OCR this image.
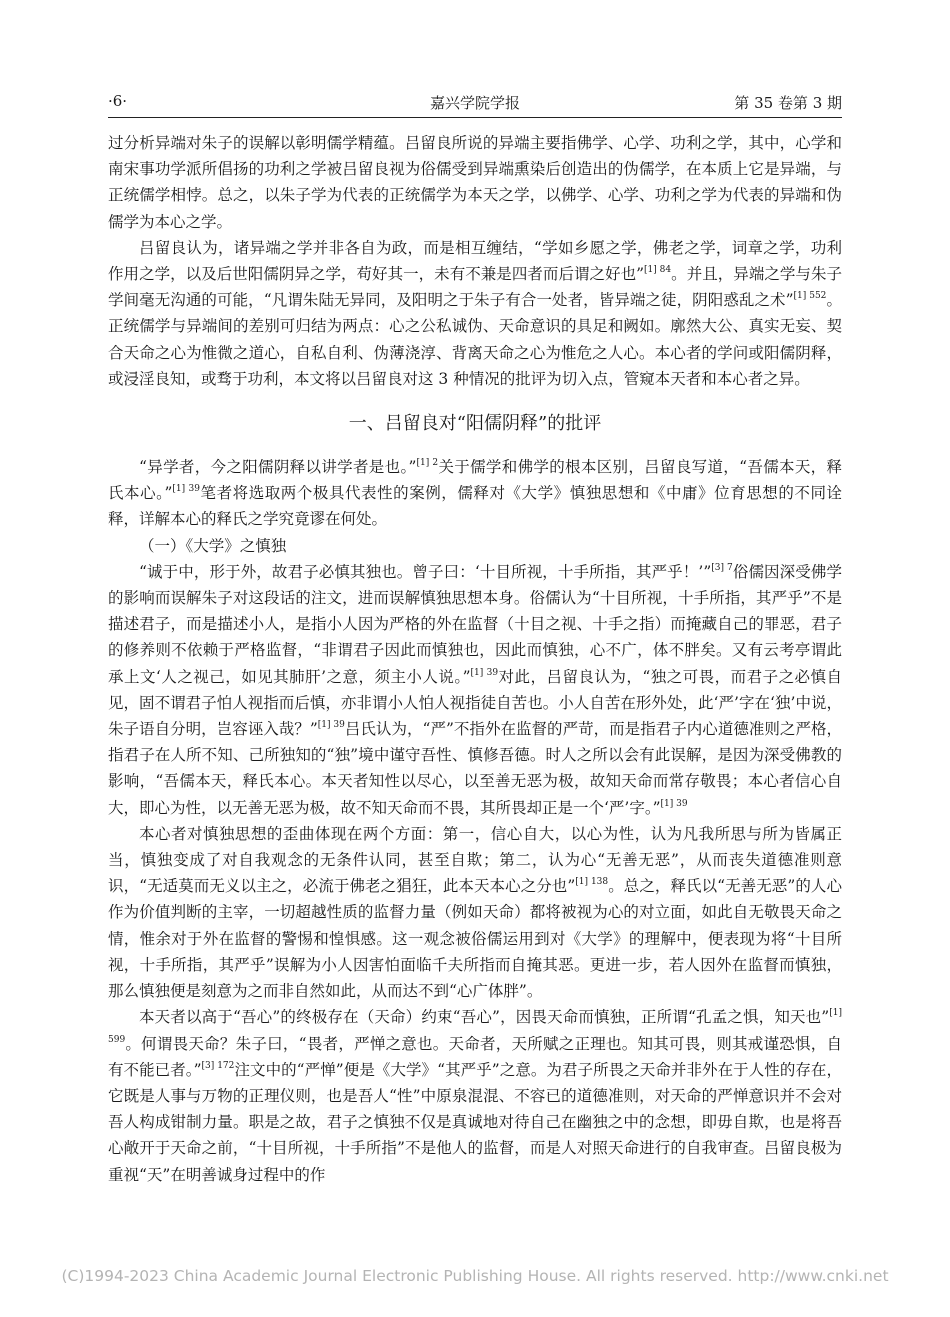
·6·	嘉兴学院学报	第 35 卷第 3 期

过分析异端对朱子的误解以彰明儒学精蕴。吕留良所说的异端主要指佛学、心学、功利之学，其中，心学和南宋事功学派所倡扬的功利之学被吕留良视为俗儒受到异端熏染后创造出的伪儒学，在本质上它是异端，与正统儒学相悖。总之，以朱子学为代表的正统儒学为本天之学，以佛学、心学、功利之学为代表的异端和伪儒学为本心之学。

吕留良认为，诸异端之学并非各自为政，而是相互缠结，“学如乡愿之学，佛老之学，词章之学，功利作用之学，以及后世阳儒阴异之学，苟好其一，未有不兼是四者而后谓之好也”$^{[1] 84}$。并且，异端之学与朱子学间毫无沟通的可能，“凡谓朱陆无异同，及阳明之于朱子有合一处者，皆异端之徒，阴阳惑乱之术”$^{[1] 552}$。正统儒学与异端间的差别可归结为两点：心之公私诚伪、天命意识的具足和阙如。廓然大公、真实无妄、契合天命之心为惟微之道心，自私自利、伪薄浇淳、背离天命之心为惟危之人心。本心者的学问或阳儒阴释，或浸淫良知，或骛于功利，本文将以吕留良对这 3 种情况的批评为切入点，管窥本天者和本心者之异。

一、吕留良对“阳儒阴释”的批评

“异学者，今之阳儒阴释以讲学者是也。”$^{[1] 2}$关于儒学和佛学的根本区别，吕留良写道，“吾儒本天，释氏本心。”$^{[1] 39}$笔者将选取两个极具代表性的案例，儒释对《大学》慎独思想和《中庸》位育思想的不同诠释，详解本心的释氏之学究竟谬在何处。

（一）《大学》之慎独

“诚于中，形于外，故君子必慎其独也。曾子曰：‘十目所视，十手所指，其严乎！’”$^{[3] 7}$俗儒因深受佛学的影响而误解朱子对这段话的注文，进而误解慎独思想本身。俗儒认为“十目所视，十手所指，其严乎”不是描述君子，而是描述小人，是指小人因为严格的外在监督（十目之视、十手之指）而掩藏自己的罪恶，君子的修养则不依赖于严格监督，“非谓君子因此而慎独也，因此而慎独，心不广，体不胖矣。又有云考亭谓此承上文‘人之视己，如见其肺肝’之意，须主小人说。”$^{[1] 39}$对此，吕留良认为，“独之可畏，而君子之必慎自见，固不谓君子怕人视指而后慎，亦非谓小人怕人视指徒自苦也。小人自苦在形外处，此‘严’字在‘独’中说，朱子语自分明，岂容诬入哉？”$^{[1] 39}$吕氏认为，“严”不指外在监督的严苛，而是指君子内心道德准则之严格，指君子在人所不知、己所独知的“独”境中谨守吾性、慎修吾德。时人之所以会有此误解，是因为深受佛教的影响，“吾儒本天，释氏本心。本天者知性以尽心，以至善无恶为极，故知天命而常存敬畏；本心者信心自大，即心为性，以无善无恶为极，故不知天命而不畏，其所畏却正是一个‘严’字。”$^{[1] 39}$

本心者对慎独思想的歪曲体现在两个方面：第一，信心自大，以心为性，认为凡我所思与所为皆属正当，慎独变成了对自我观念的无条件认同，甚至自欺；第二，认为心“无善无恶”，从而丧失道德准则意识，“无适莫而无义以主之，必流于佛老之猖狂，此本天本心之分也”$^{[1] 138}$。总之，释氏以“无善无恶”的人心作为价值判断的主宰，一切超越性质的监督力量（例如天命）都将被视为心的对立面，如此自无敬畏天命之情，惟余对于外在监督的警惕和惶惧感。这一观念被俗儒运用到对《大学》的理解中，便表现为将“十目所视，十手所指，其严乎”误解为小人因害怕面临千夫所指而自掩其恶。更进一步，若人因外在监督而慎独，那么慎独便是刻意为之而非自然如此，从而达不到“心广体胖”。

本天者以高于“吾心”的终极存在（天命）约束“吾心”，因畏天命而慎独，正所谓“孔孟之惧，知天也”$^{[1] 599}$。何谓畏天命？朱子曰，“畏者，严惮之意也。天命者，天所赋之正理也。知其可畏，则其戒谨恐惧，自有不能已者。”$^{[3] 172}$注文中的“严惮”便是《大学》“其严乎”之意。为君子所畏之天命并非外在于人性的存在，它既是人事与万物的正理仪则，也是吾人“性”中原泉混混、不容已的道德准则，对天命的严惮意识并不会对吾人构成钳制力量。职是之故，君子之慎独不仅是真诚地对待自己在幽独之中的念想，即毋自欺，也是将吾心敞开于天命之前，“十目所视，十手所指”不是他人的监督，而是人对照天命进行的自我审查。吕留良极为重视“天”在明善诚身过程中的作

(C)1994-2023 China Academic Journal Electronic Publishing House. All rights reserved. http://www.cnki.net
